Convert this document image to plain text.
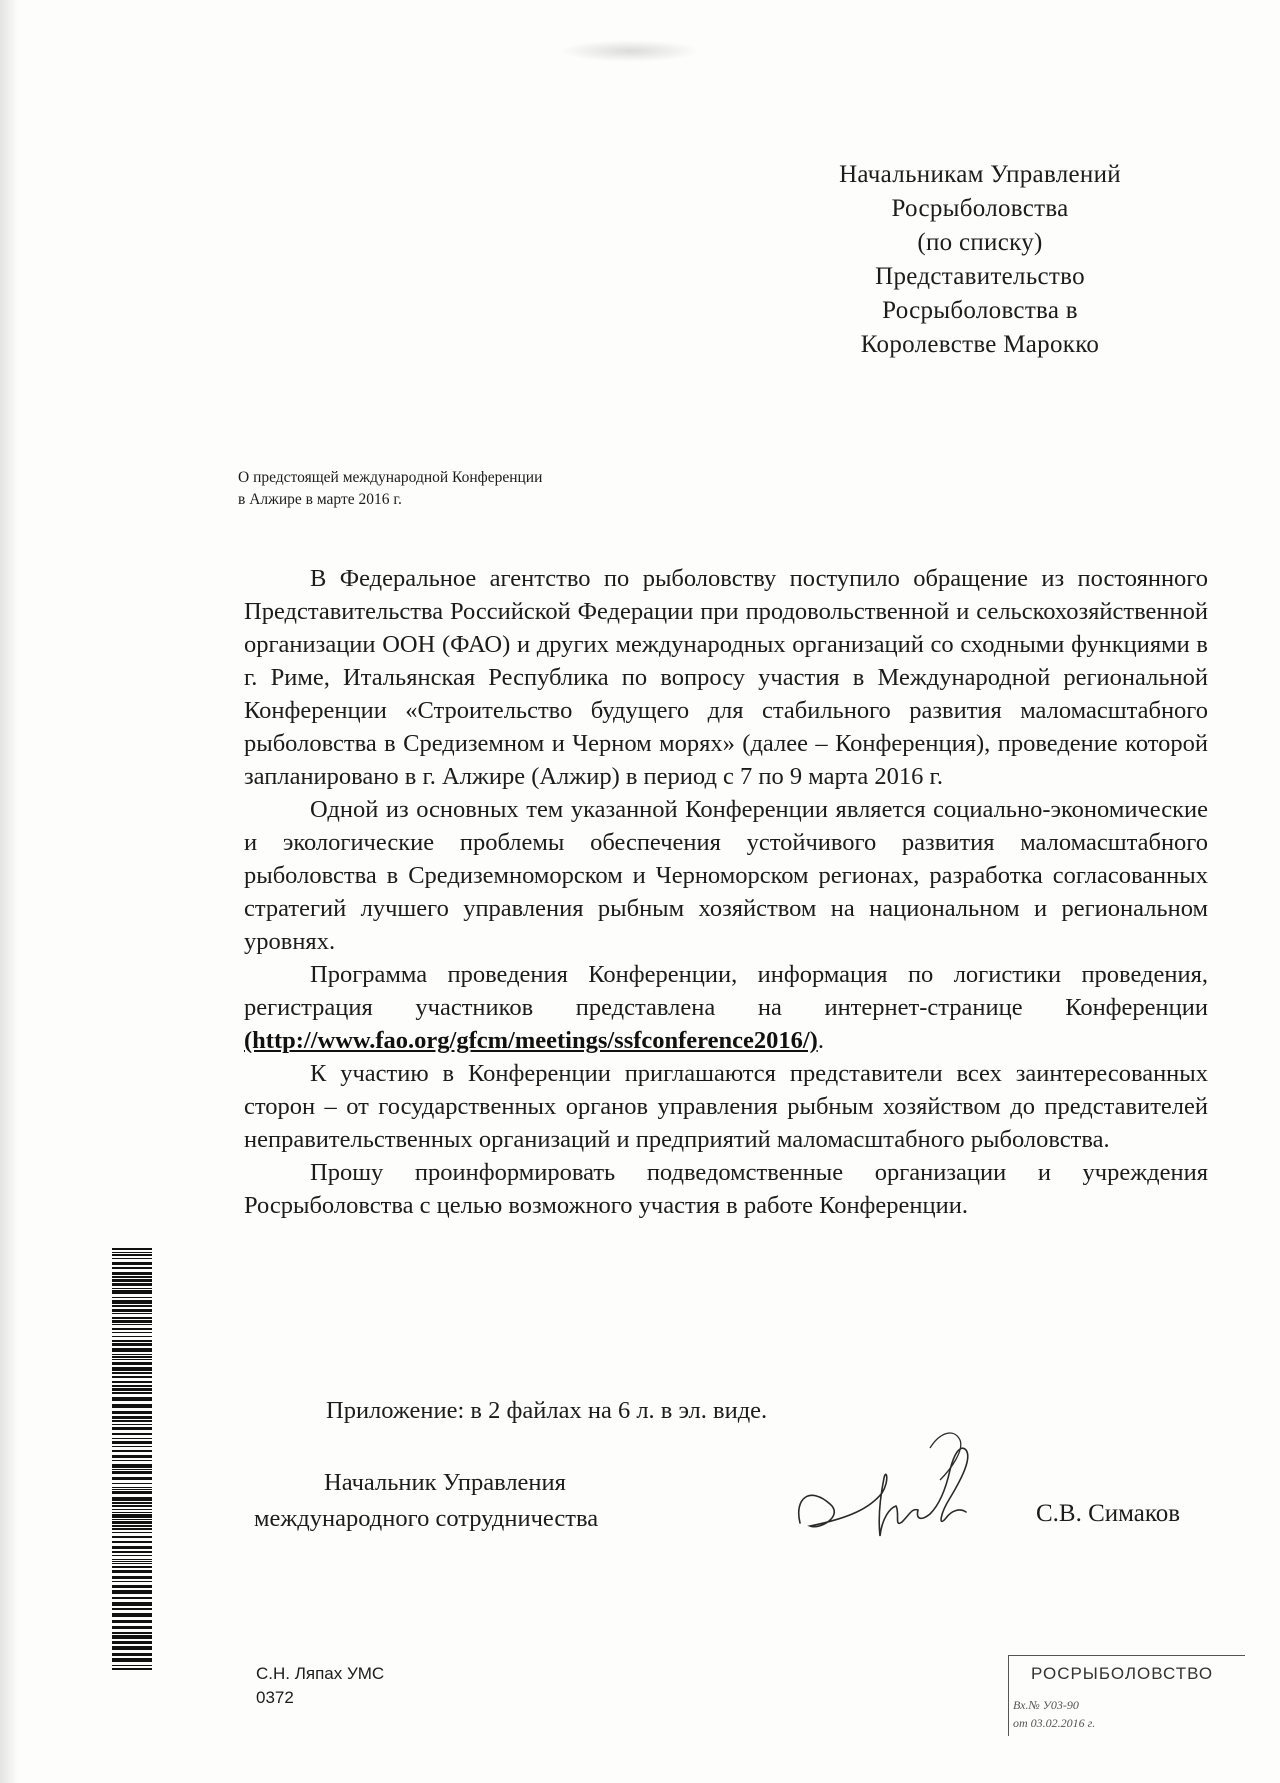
Начальникам Управлений
Росрыболовства
(по списку)
Представительство
Росрыболовства в
Королевстве Марокко
О предстоящей международной Конференции
в Алжире в марте 2016 г.

В Федеральное агентство по рыболовству поступило обращение из постоянного Представительства Российской Федерации при продовольственной и сельскохозяйственной организации ООН (ФАО) и других международных организаций со сходными функциями в г. Риме, Итальянская Республика по вопросу участия в Международной региональной Конференции «Строительство будущего для стабильного развития маломасштабного рыболовства в Средиземном и Черном морях» (далее – Конференция), проведение которой запланировано в г. Алжире (Алжир) в период с 7 по 9 марта 2016 г.

Одной из основных тем указанной Конференции является социально-экономические и экологические проблемы обеспечения устойчивого развития маломасштабного рыболовства в Средиземноморском и Черноморском регионах, разработка согласованных стратегий лучшего управления рыбным хозяйством на национальном и региональном уровнях.

Программа проведения Конференции, информация по логистики проведения, регистрация участников представлена на интернет-странице Конференции (http://www.fao.org/gfcm/meetings/ssfconference2016/).

К участию в Конференции приглашаются представители всех заинтересованных сторон – от государственных органов управления рыбным хозяйством до представителей неправительственных организаций и предприятий маломасштабного рыболовства.

Прошу проинформировать подведомственные организации и учреждения Росрыболовства с целью возможного участия в работе Конференции.

Приложение: в 2 файлах на 6 л. в эл. виде.
Начальник Управления
международного сотрудничества	С.В. Симаков
С.Н. Ляпах УМС
0372
РОСРЫБОЛОВСТВО
Вх.№ У03-90
от 03.02.2016 г.
